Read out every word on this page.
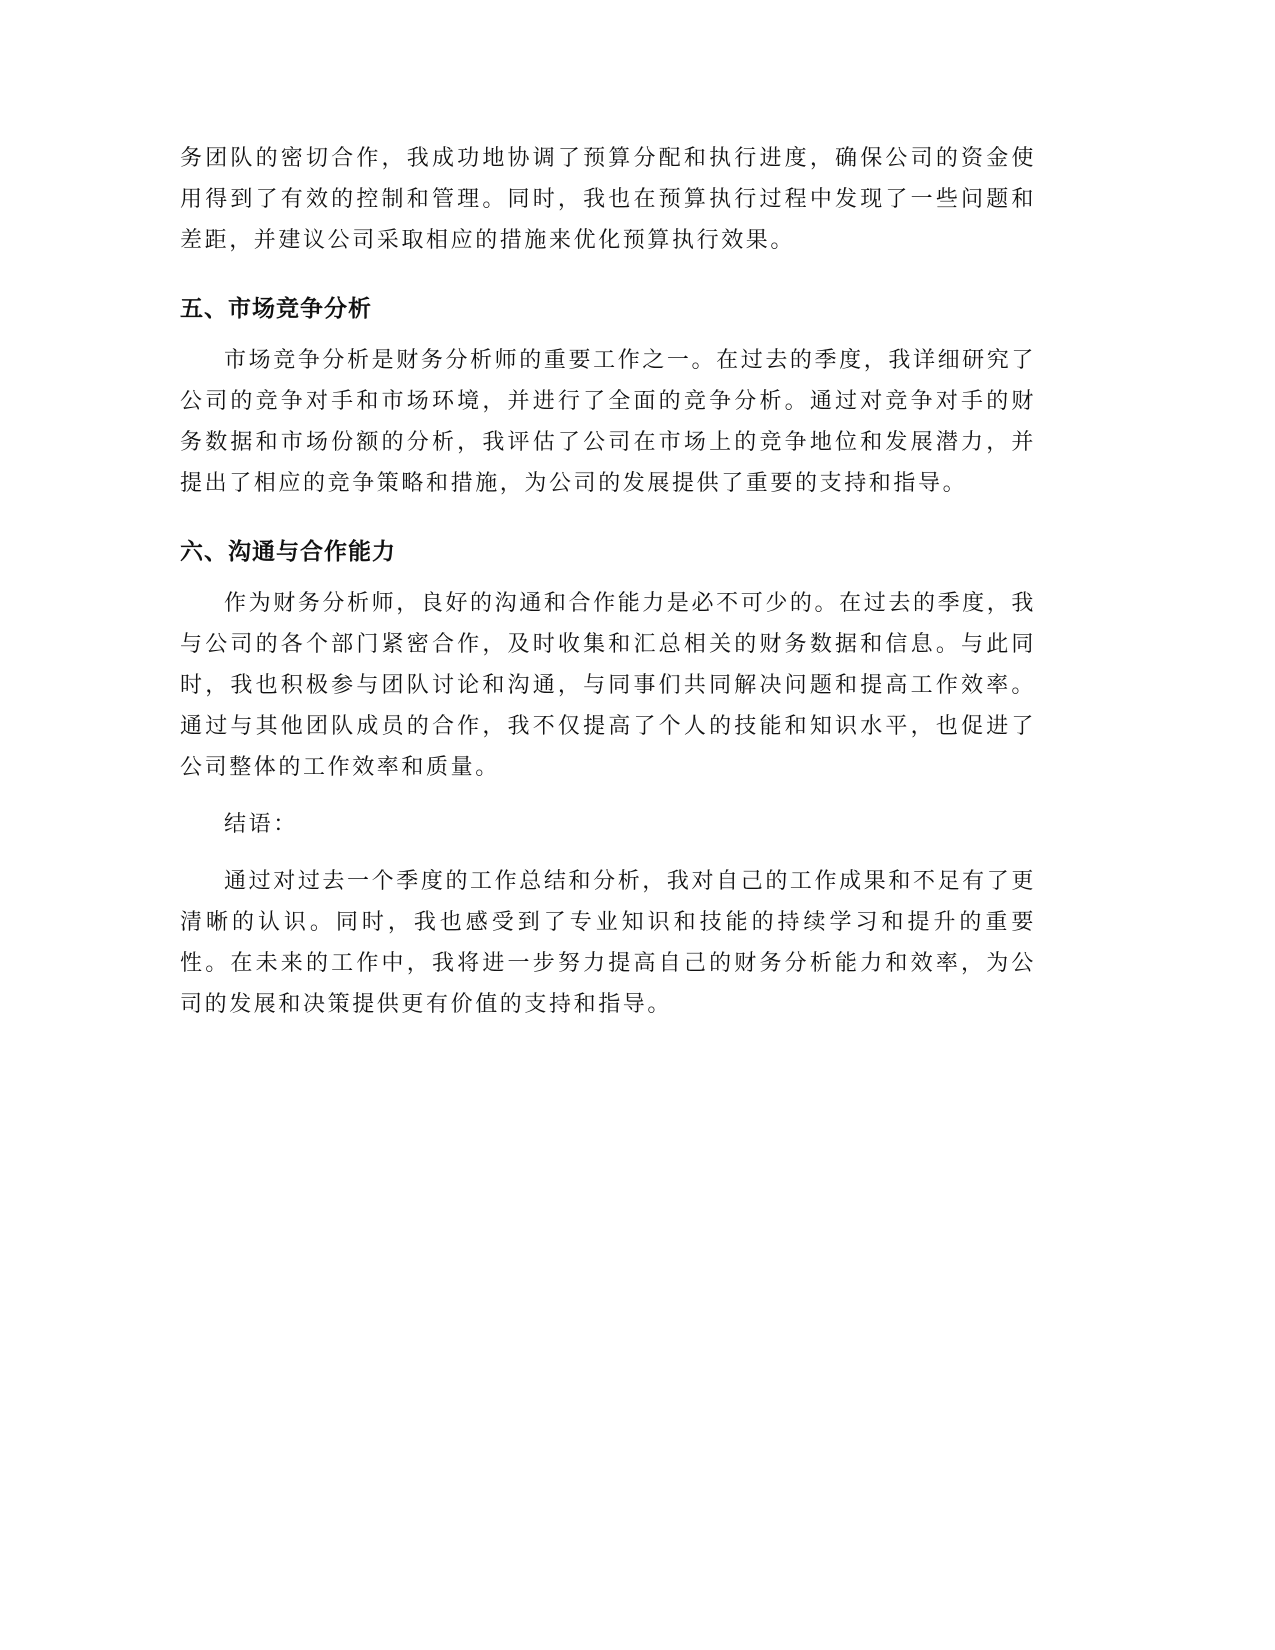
务团队的密切合作，我成功地协调了预算分配和执行进度，确保公司的资金使用得到了有效的控制和管理。同时，我也在预算执行过程中发现了一些问题和差距，并建议公司采取相应的措施来优化预算执行效果。

五、市场竞争分析

市场竞争分析是财务分析师的重要工作之一。在过去的季度，我详细研究了公司的竞争对手和市场环境，并进行了全面的竞争分析。通过对竞争对手的财务数据和市场份额的分析，我评估了公司在市场上的竞争地位和发展潜力，并提出了相应的竞争策略和措施，为公司的发展提供了重要的支持和指导。

六、沟通与合作能力

作为财务分析师，良好的沟通和合作能力是必不可少的。在过去的季度，我与公司的各个部门紧密合作，及时收集和汇总相关的财务数据和信息。与此同时，我也积极参与团队讨论和沟通，与同事们共同解决问题和提高工作效率。通过与其他团队成员的合作，我不仅提高了个人的技能和知识水平，也促进了公司整体的工作效率和质量。

结语：

通过对过去一个季度的工作总结和分析，我对自己的工作成果和不足有了更清晰的认识。同时，我也感受到了专业知识和技能的持续学习和提升的重要性。在未来的工作中，我将进一步努力提高自己的财务分析能力和效率，为公司的发展和决策提供更有价值的支持和指导。
